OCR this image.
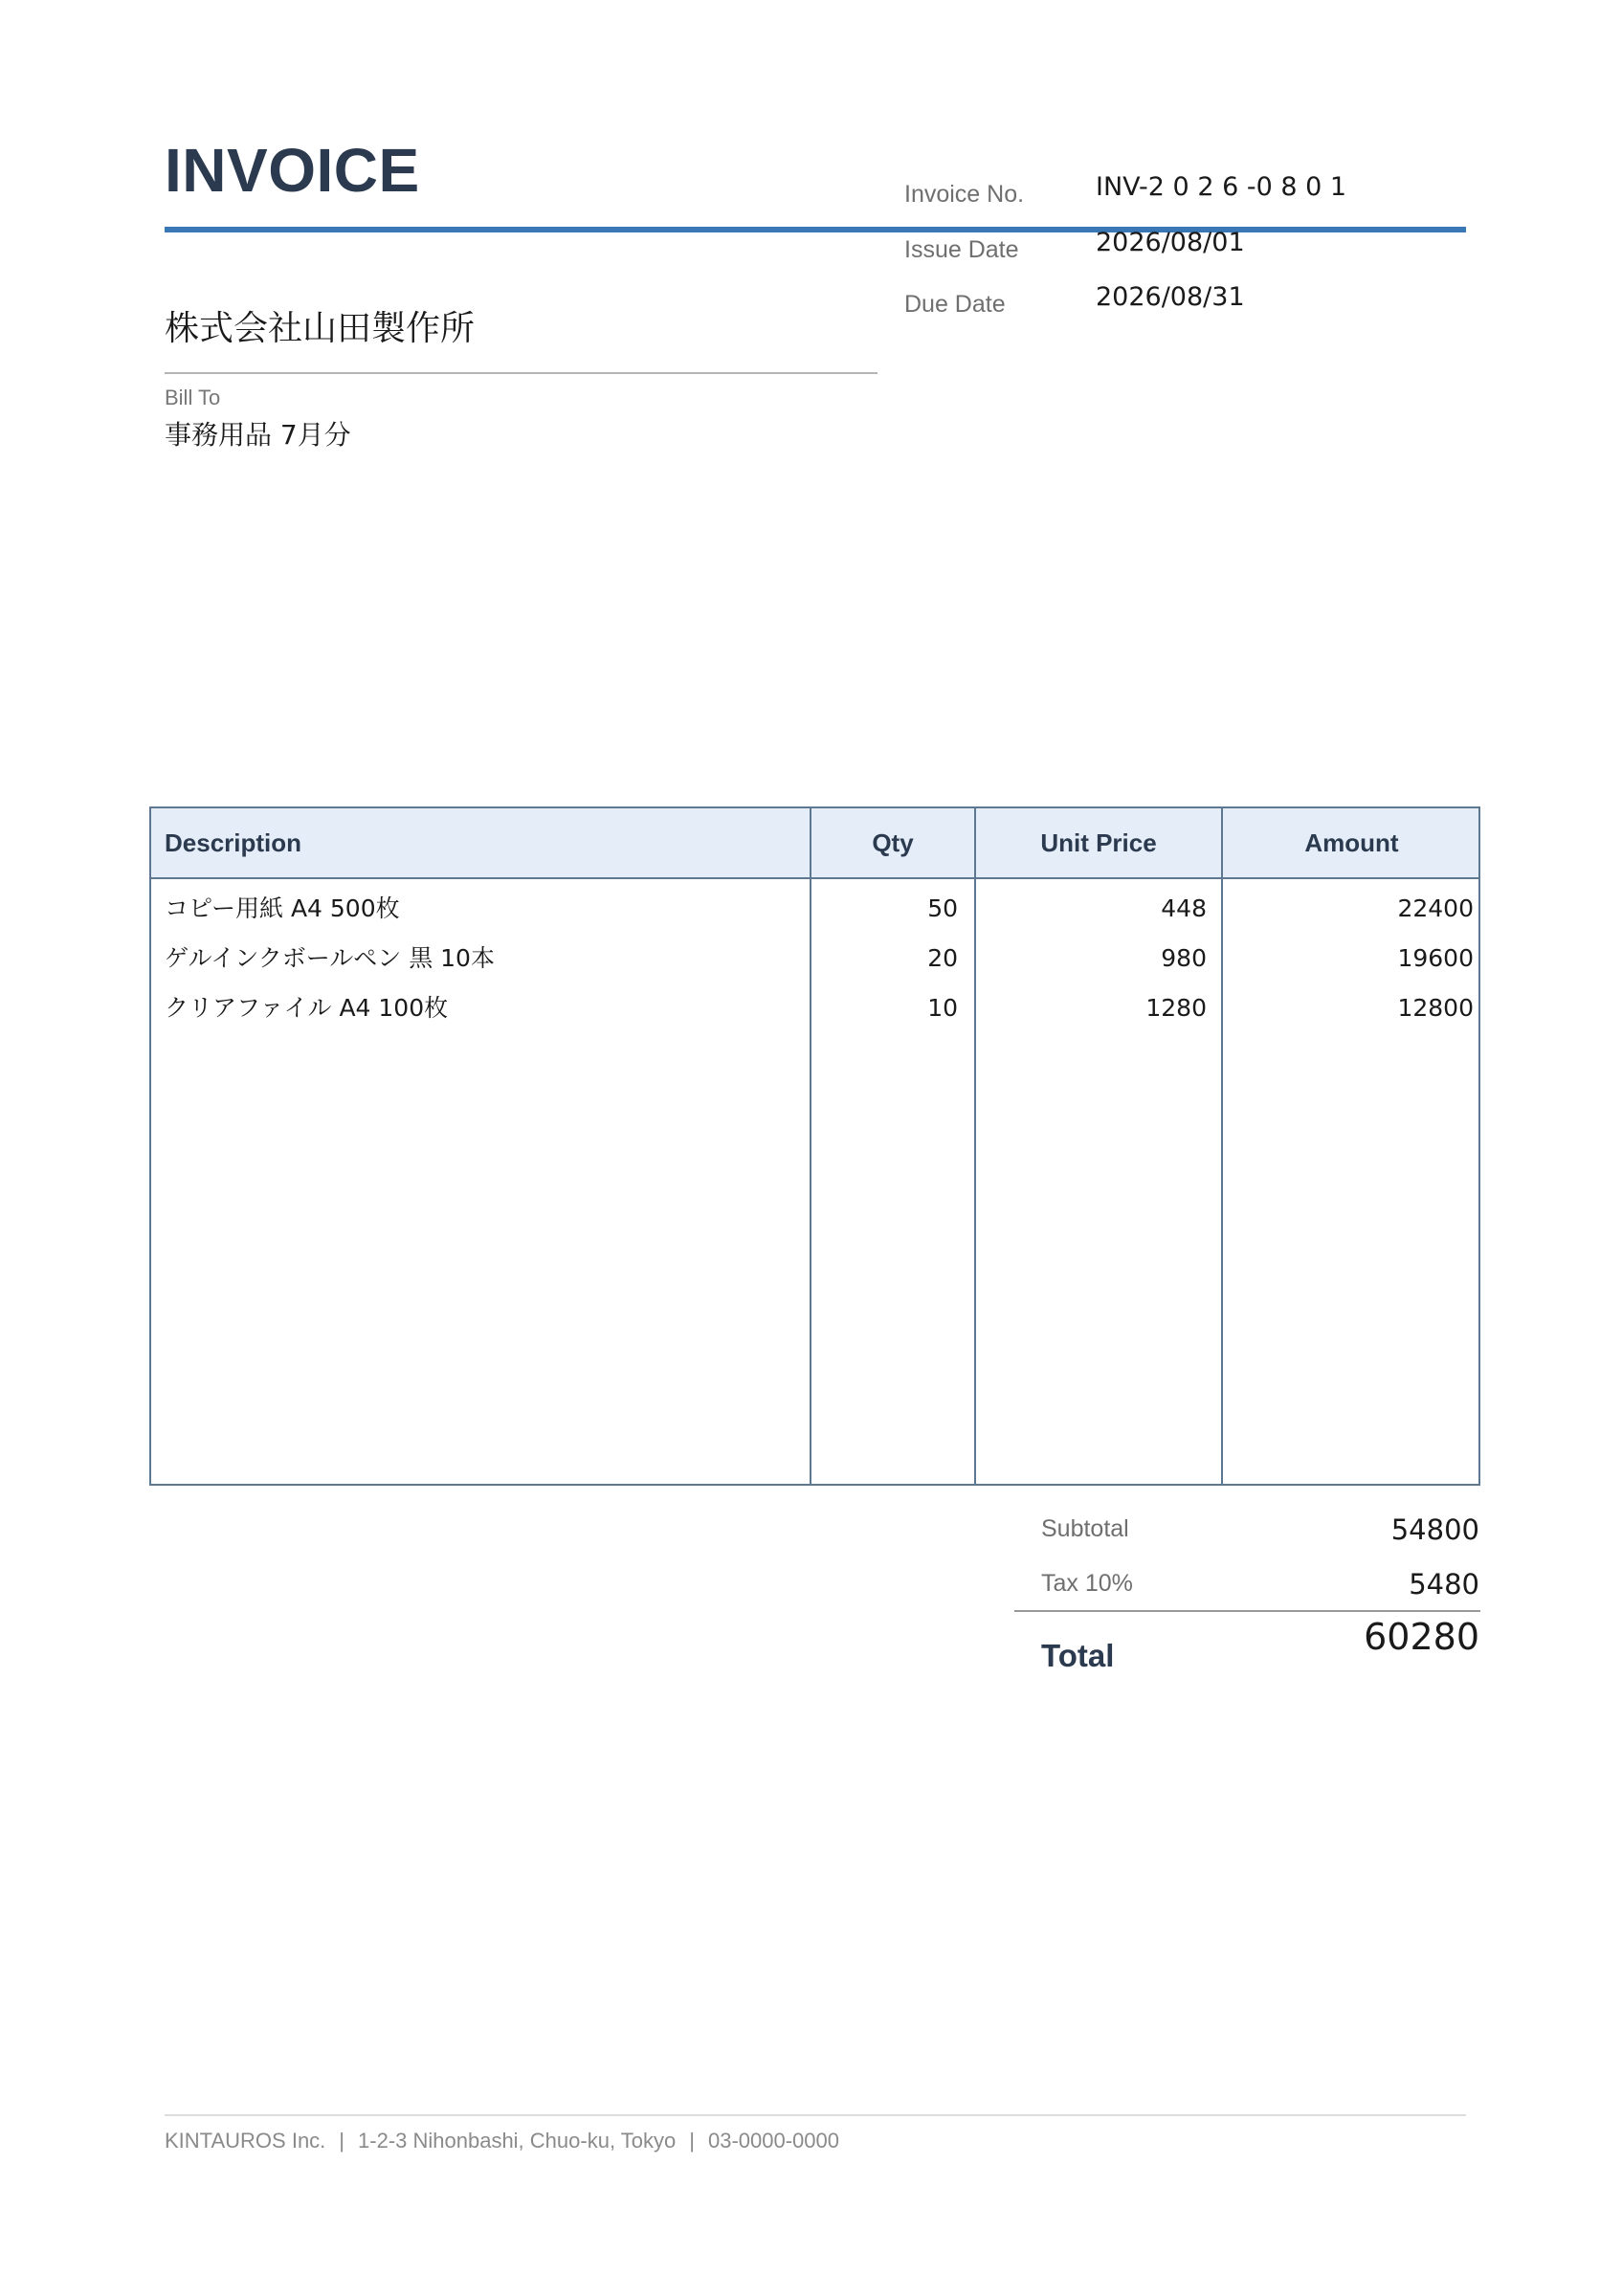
INVOICE	Invoice No.	INV-2 0 2 6 -0 8 0 1
Issue Date	2026/08/01
Due Date	2026/08/31
株式会社山田製作所
Bill To
事務用品 7月分
Description	Qty	Unit Price	Amount
コピー用紙 A4 500枚	50	448	22400
ゲルインクボールペン 黒 10本	20	980	19600
クリアファイル A4 100枚	10	1280	12800
Subtotal	54800
Tax 10%	5480
Total	60280
KINTAUROS Inc. | 1-2-3 Nihonbashi, Chuo-ku, Tokyo | 03-0000-0000
